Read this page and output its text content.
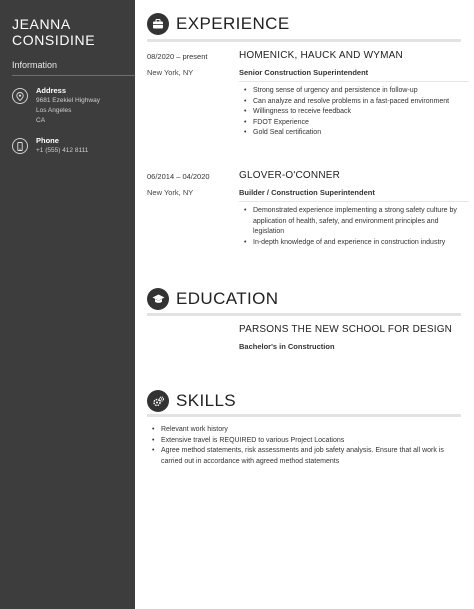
JEANNA
CONSIDINE
Information
Address
9681 Ezekiel Highway
Los Angeles
CA
Phone
+1 (555) 412 8111
EXPERIENCE
08/2020 – present
New York, NY
HOMENICK, HAUCK AND WYMAN
Senior Construction Superintendent
• Strong sense of urgency and persistence in follow-up
• Can analyze and resolve problems in a fast-paced environment
• Willingness to receive feedback
• FDOT Experience
• Gold Seal certification
06/2014 – 04/2020
New York, NY
GLOVER-O'CONNER
Builder / Construction Superintendent
• Demonstrated experience implementing a strong safety culture by application of health, safety, and environment principles and legislation
• In-depth knowledge of and experience in construction industry
EDUCATION
PARSONS THE NEW SCHOOL FOR DESIGN
Bachelor's in Construction
SKILLS
• Relevant work history
• Extensive travel is REQUIRED to various Project Locations
• Agree method statements, risk assessments and job safety analysis. Ensure that all work is carried out in accordance with agreed method statements
